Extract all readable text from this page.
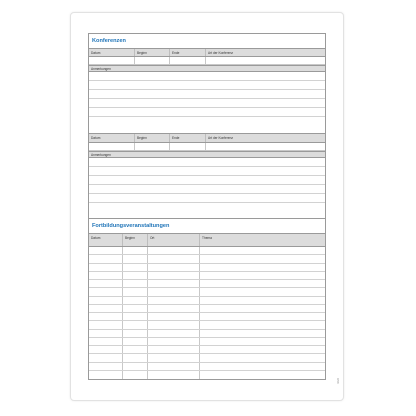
Konferenzen
Datum	Beginn	Ende	Art der Konferenz
Anmerkungen
Datum	Beginn	Ende	Art der Konferenz
Anmerkungen
Fortbildungsveranstaltungen
Datum	Beginn	Ort	Thema
1022
